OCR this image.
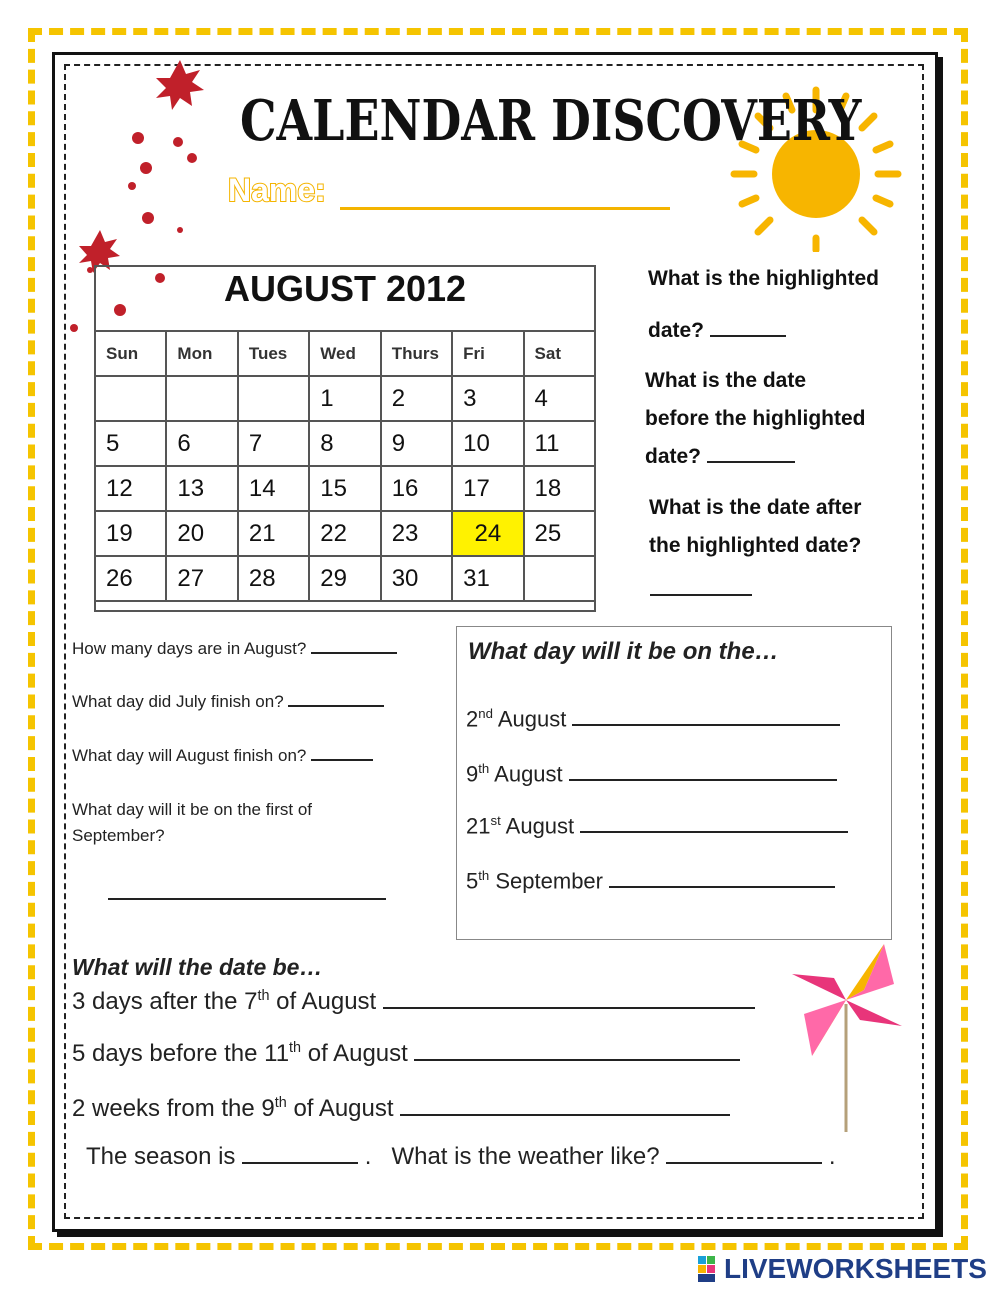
CALENDAR DISCOVERY
Name:
AUGUST 2012
Sun	Mon	Tues	Wed	Thurs	Fri	Sat
			1	2	3	4
5	6	7	8	9	10	11
12	13	14	15	16	17	18
19	20	21	22	23	24	25
26	27	28	29	30	31	
What is the highlighted
date?
What is the date
before the highlighted
date?
What is the date after
the highlighted date?
How many days are in August?
What day did July finish on?
What day will August finish on?
What day will it be on the first of
September?
What day will it be on the…
2nd August
9th August
21st August
5th September
What will the date be…
3 days after the 7th of August
5 days before the 11th of August
2 weeks from the 9th of August
The season is	.   What is the weather like?	.
LIVEWORKSHEETS
